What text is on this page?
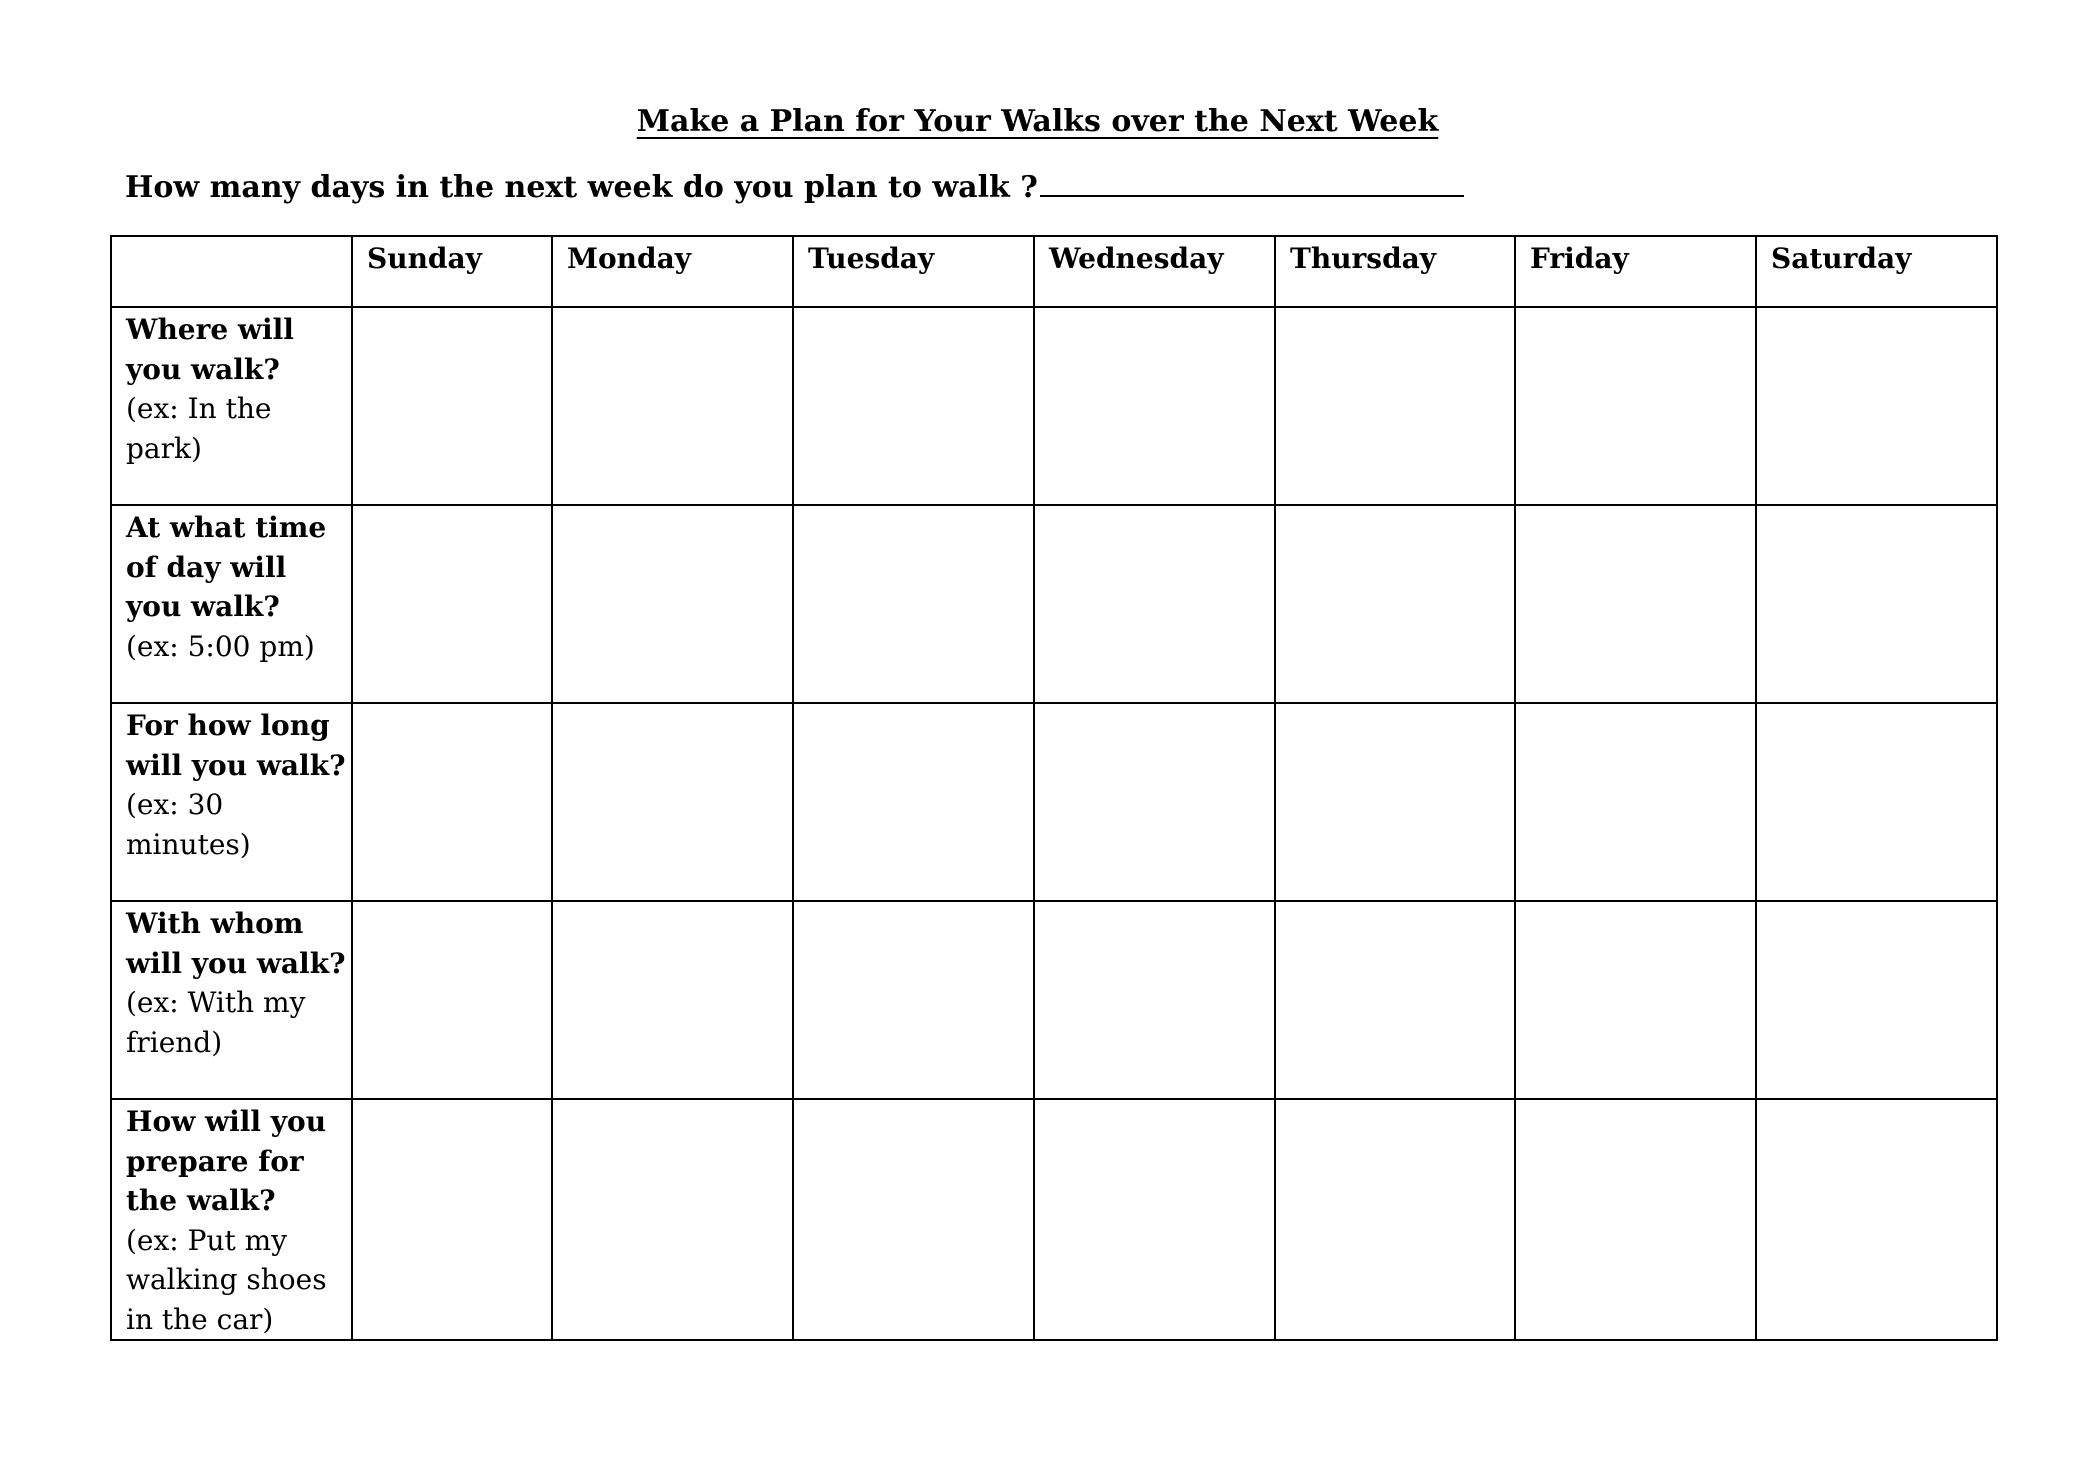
Make a Plan for Your Walks over the Next Week
How many days in the next week do you plan to walk ?
	Sunday	Monday	Tuesday	Wednesday	Thursday	Friday	Saturday

Where will you walk?
(ex: In the park)							

At what time of day will you walk?
(ex: 5:00 pm)							

For how long will you walk?
(ex: 30 minutes)							

With whom will you walk?
(ex: With my friend)							

How will you prepare for the walk?
(ex: Put my walking shoes in the car)							
